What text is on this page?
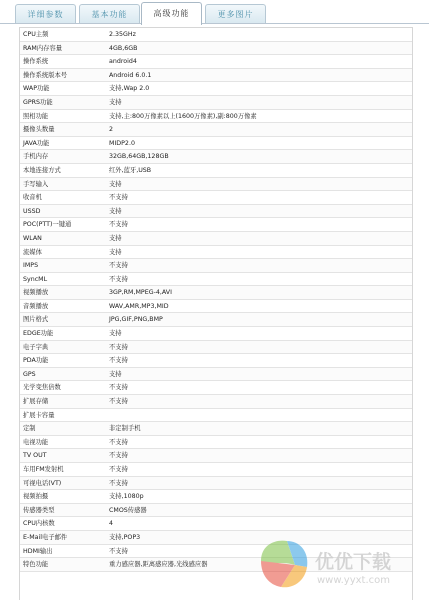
详细参数	基本功能	高级功能	更多图片
CPU主频	2.35GHz
RAM内存容量	4GB,6GB
操作系统	android4
操作系统版本号	Android 6.0.1
WAP功能	支持,Wap 2.0
GPRS功能	支持
照相功能	支持,主:800万像素以上(1600万像素),副:800万像素
摄像头数量	2
JAVA功能	MIDP2.0
手机内存	32GB,64GB,128GB
本地连接方式	红外,蓝牙,USB
手写输入	支持
收音机	不支持
USSD	支持
POC(PTT)一键通	不支持
WLAN	支持
流媒体	支持
IMPS	不支持
SyncML	不支持
视频播放	3GP,RM,MPEG-4,AVI
音频播放	WAV,AMR,MP3,MID
图片格式	JPG,GIF,PNG,BMP
EDGE功能	支持
电子字典	不支持
PDA功能	不支持
GPS	支持
光学变焦倍数	不支持
扩展存储	不支持
扩展卡容量
定制	非定制手机
电视功能	不支持
TV OUT	不支持
车用FM发射机	不支持
可视电话(VT)	不支持
视频拍摄	支持,1080p
传感器类型	CMOS传感器
CPU内核数	4
E-Mail电子邮件	支持,POP3
HDMI输出	不支持
特色功能	重力感应器,距离感应器,光线感应器	优优下载
www.yyxt.com
